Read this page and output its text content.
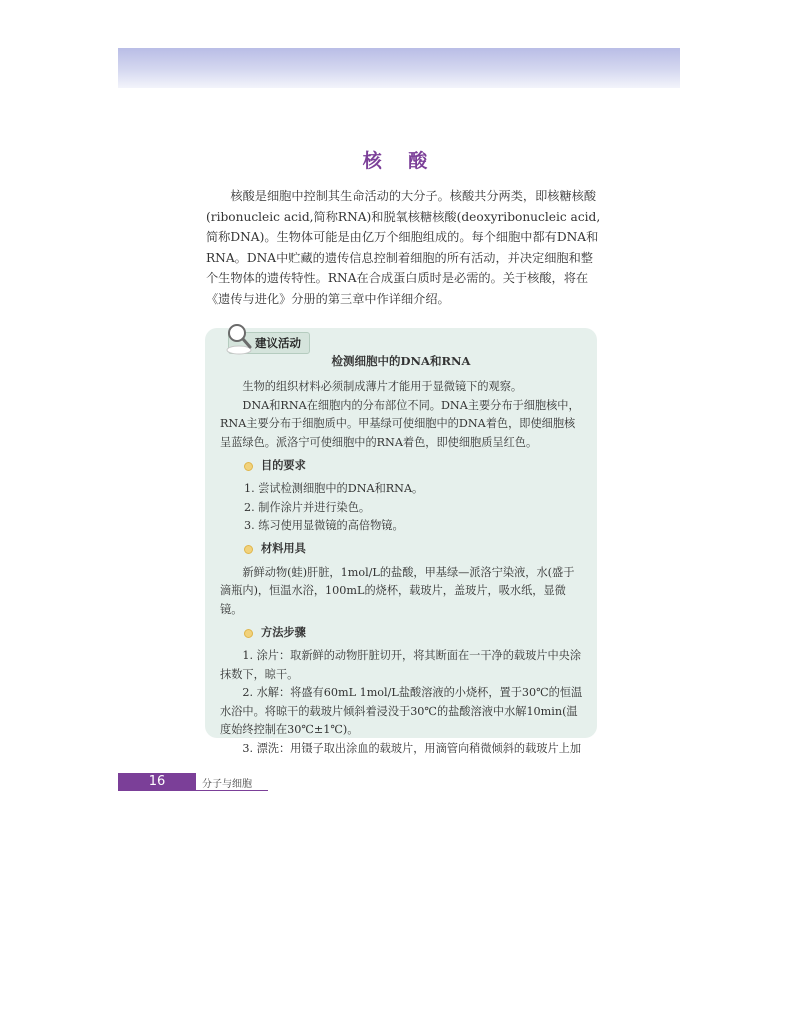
核 酸

核酸是细胞中控制其生命活动的大分子。核酸共分两类，即核糖核酸(ribonucleic acid,简称RNA)和脱氧核糖核酸(deoxyribonucleic acid,简称DNA)。生物体可能是由亿万个细胞组成的。每个细胞中都有DNA和RNA。DNA中贮藏的遗传信息控制着细胞的所有活动，并决定细胞和整个生物体的遗传特性。RNA在合成蛋白质时是必需的。关于核酸，将在《遗传与进化》分册的第三章中作详细介绍。

建议活动
检测细胞中的DNA和RNA

生物的组织材料必须制成薄片才能用于显微镜下的观察。

DNA和RNA在细胞内的分布部位不同。DNA主要分布于细胞核中，RNA主要分布于细胞质中。甲基绿可使细胞中的DNA着色，即使细胞核呈蓝绿色。派洛宁可使细胞中的RNA着色，即使细胞质呈红色。

目的要求

1. 尝试检测细胞中的DNA和RNA。

2. 制作涂片并进行染色。

3. 练习使用显微镜的高倍物镜。

材料用具

新鲜动物(蛙)肝脏，1mol/L的盐酸，甲基绿—派洛宁染液，水(盛于滴瓶内)，恒温水浴，100mL的烧杯，载玻片，盖玻片，吸水纸，显微镜。

方法步骤

1. 涂片：取新鲜的动物肝脏切开，将其断面在一干净的载玻片中央涂抹数下，晾干。

2. 水解：将盛有60mL 1mol/L盐酸溶液的小烧杯，置于30℃的恒温水浴中。将晾干的载玻片倾斜着浸没于30℃的盐酸溶液中水解10min(温度始终控制在30℃±1℃)。

3. 漂洗：用镊子取出涂血的载玻片，用滴管向稍微倾斜的载玻片上加

16	分子与细胞
